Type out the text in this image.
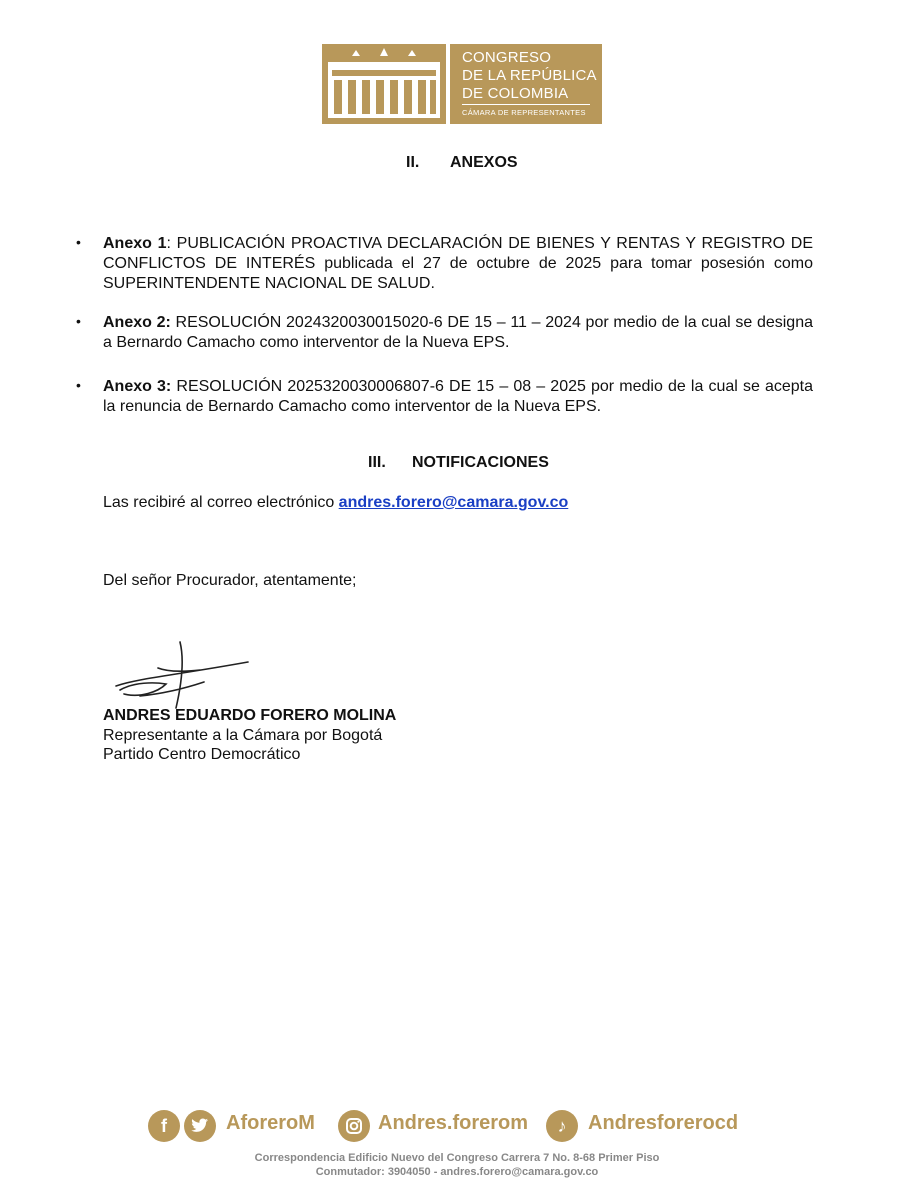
CONGRESO
DE LA REPÚBLICA
DE COLOMBIA
CÁMARA DE REPRESENTANTES
II. ANEXOS
• Anexo 1: PUBLICACIÓN PROACTIVA DECLARACIÓN DE BIENES Y RENTAS Y REGISTRO DE CONFLICTOS DE INTERÉS publicada el 27 de octubre de 2025 para tomar posesión como SUPERINTENDENTE NACIONAL DE SALUD.
• Anexo 2: RESOLUCIÓN 2024320030015020-6 DE 15 – 11 – 2024 por medio de la cual se designa a Bernardo Camacho como interventor de la Nueva EPS.
• Anexo 3: RESOLUCIÓN 2025320030006807-6 DE 15 – 08 – 2025 por medio de la cual se acepta la renuncia de Bernardo Camacho como interventor de la Nueva EPS.
III. NOTIFICACIONES
Las recibiré al correo electrónico andres.forero@camara.gov.co
Del señor Procurador, atentamente;
ANDRES EDUARDO FORERO MOLINA
Representante a la Cámara por Bogotá
Partido Centro Democrático
f	AforeroM	Andres.forerom	♪	Andresforerocd
Correspondencia Edificio Nuevo del Congreso Carrera 7 No. 8-68 Primer Piso
Conmutador: 3904050 - andres.forero@camara.gov.co
